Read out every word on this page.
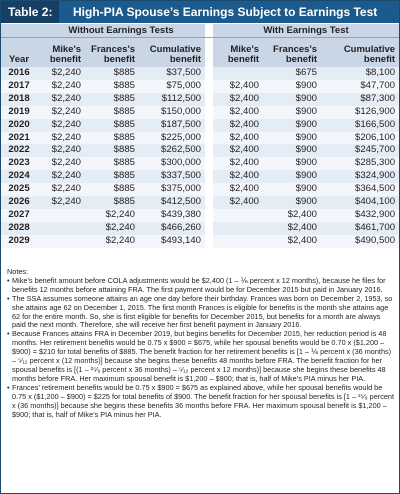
Table 2:	High-PIA Spouse’s Earnings Subject to Earnings Test
	Without Earnings Tests				With Earnings Test		
Year	Mike's benefit	Frances's benefit	Cumulative benefit		Mike's benefit	Frances's benefit	Cumulative benefit
2016	$2,240	$885	$37,500			$675	$8,100
2017	$2,240	$885	$75,000		$2,400	$900	$47,700
2018	$2,240	$885	$112,500		$2,400	$900	$87,300
2019	$2,240	$885	$150,000		$2,400	$900	$126,900
2020	$2,240	$885	$187,500		$2,400	$900	$166,500
2021	$2,240	$885	$225,000		$2,400	$900	$206,100
2022	$2,240	$885	$262,500		$2,400	$900	$245,700
2023	$2,240	$885	$300,000		$2,400	$900	$285,300
2024	$2,240	$885	$337,500		$2,400	$900	$324,900
2025	$2,240	$885	$375,000		$2,400	$900	$364,500
2026	$2,240	$885	$412,500		$2,400	$900	$404,100
2027		$2,240	$439,380			$2,400	$432,900
2028		$2,240	$466,260			$2,400	$461,700
2029		$2,240	$493,140			$2,400	$490,500

Notes:

• Mike’s benefit amount before COLA adjustments would be $2,400 (1 – ⅙ percent x 12 months), because he files for benefits 12 months before attaining FRA. The first payment would be for December 2015 but paid in January 2016.
• The SSA assumes someone attains an age one day before their birthday. Frances was born on December 2, 1953, so she attains age 62 on December 1, 2015. The first month Frances is eligible for benefits is the month she attains age 62 for the entire month. So, she is first eligible for benefits for December 2015, but benefits for a month are always paid the next month. Therefore, she will receive her first benefit payment in January 2016.
• Because Frances attains FRA in December 2019, but begins benefits for December 2015, her reduction period is 48 months. Her retirement benefits would be 0.75 x $900 = $675, while her spousal benefits would be 0.70 x ($1,200 – $900) = $210 for total benefits of $885. The benefit fraction for her retirement benefits is [1 – ⅙ percent x (36 months) – ⁵⁄₁₂ percent x (12 months)] because she begins these benefits 48 months before FRA. The benefit fraction for her spousal benefits is [(1 – ²⁵⁄₉ percent x 36 months) – ⁵⁄₁₂ percent x 12 months)] because she begins these benefits 48 months before FRA. Her maximum spousal benefit is $1,200 – $900; that is, half of Mike’s PIA minus her PIA.
• Frances’ retirement benefits would be 0.75 x $900 = $675 as explained above, while her spousal benefits would be 0.75 x ($1,200 – $900) = $225 for total benefits of $900. The benefit fraction for her spousal benefits is [1 – ²⁵⁄₉ percent x (36 months)] because she begins these benefits 36 months before FRA. Her maximum spousal benefit is $1,200 – $900; that is, half of Mike’s PIA minus her PIA.
